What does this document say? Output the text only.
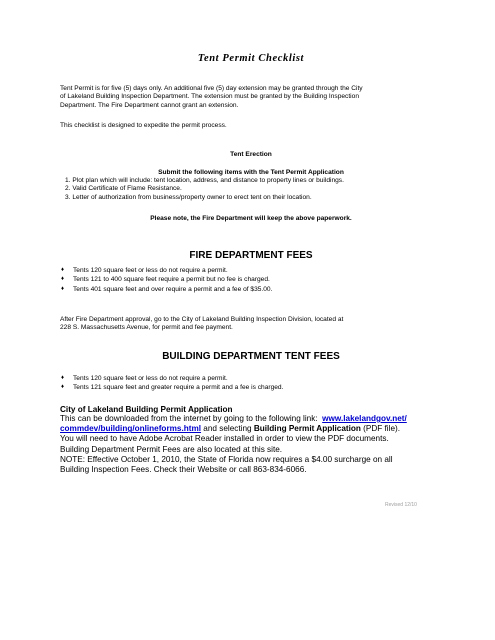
Tent Permit Checklist
Tent Permit is for five (5) days only. An additional five (5) day extension may be granted through the City
of Lakeland Building Inspection Department. The extension must be granted by the Building Inspection
Department. The Fire Department cannot grant an extension.
This checklist is designed to expedite the permit process.
Tent Erection
Submit the following items with the Tent Permit Application
1. Plot plan which will include: tent location, address, and distance to property lines or buildings.
2. Valid Certificate of Flame Resistance.
3. Letter of authorization from business/property owner to erect tent on their location.
Please note, the Fire Department will keep the above paperwork.
FIRE DEPARTMENT FEES
♦ Tents 120 square feet or less do not require a permit.
♦ Tents 121 to 400 square feet require a permit but no fee is charged.
♦ Tents 401 square feet and over require a permit and a fee of $35.00.
After Fire Department approval, go to the City of Lakeland Building Inspection Division, located at
228 S. Massachusetts Avenue, for permit and fee payment.
BUILDING DEPARTMENT TENT FEES
♦ Tents 120 square feet or less do not require a permit.
♦ Tents 121 square feet and greater require a permit and a fee is charged.
City of Lakeland Building Permit Application
This can be downloaded from the internet by going to the following link: www.lakelandgov.net/
commdev/building/onlineforms.html and selecting Building Permit Application (PDF file).
You will need to have Adobe Acrobat Reader installed in order to view the PDF documents.
Building Department Permit Fees are also located at this site.
NOTE: Effective October 1, 2010, the State of Florida now requires a $4.00 surcharge on all
Building Inspection Fees. Check their Website or call 863-834-6066.
Revised 12/10
